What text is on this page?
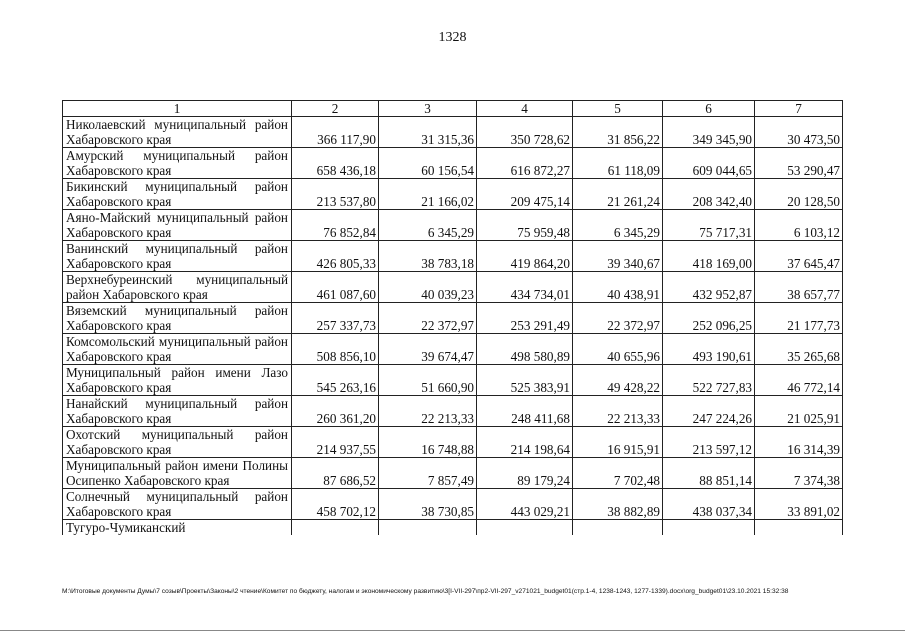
1328
1	2	3	4	5	6	7
Николаевский муниципальный район Хабаровского края	366 117,90	31 315,36	350 728,62	31 856,22	349 345,90	30 473,50
Амурский муниципальный район Хабаровского края	658 436,18	60 156,54	616 872,27	61 118,09	609 044,65	53 290,47
Бикинский муниципальный район Хабаровского края	213 537,80	21 166,02	209 475,14	21 261,24	208 342,40	20 128,50
Аяно-Майский муниципальный район Хабаровского края	76 852,84	6 345,29	75 959,48	6 345,29	75 717,31	6 103,12
Ванинский муниципальный район Хабаровского края	426 805,33	38 783,18	419 864,20	39 340,67	418 169,00	37 645,47
Верхнебуреинский муниципальный район Хабаровского края	461 087,60	40 039,23	434 734,01	40 438,91	432 952,87	38 657,77
Вяземский муниципальный район Хабаровского края	257 337,73	22 372,97	253 291,49	22 372,97	252 096,25	21 177,73
Комсомольский муниципальный район Хабаровского края	508 856,10	39 674,47	498 580,89	40 655,96	493 190,61	35 265,68
Муниципальный район имени Лазо Хабаровского края	545 263,16	51 660,90	525 383,91	49 428,22	522 727,83	46 772,14
Нанайский муниципальный район Хабаровского края	260 361,20	22 213,33	248 411,68	22 213,33	247 224,26	21 025,91
Охотский муниципальный район Хабаровского края	214 937,55	16 748,88	214 198,64	16 915,91	213 597,12	16 314,39
Муниципальный район имени Полины Осипенко Хабаровского края	87 686,52	7 857,49	89 179,24	7 702,48	88 851,14	7 374,38
Солнечный муниципальный район Хабаровского края	458 702,12	38 730,85	443 029,21	38 882,89	438 037,34	33 891,02
Тугуро-Чумиканский						
M:\Итоговые документы Думы\7 созыв\Проекты\Законы\2 чтение\Комитет по бюджету, налогам и экономическому развитию\3[I-VII-297\пр2-VII-297_v271021_budget01(стр.1-4, 1238-1243, 1277-1339).docx\org_budget01\23.10.2021 15:32:38
